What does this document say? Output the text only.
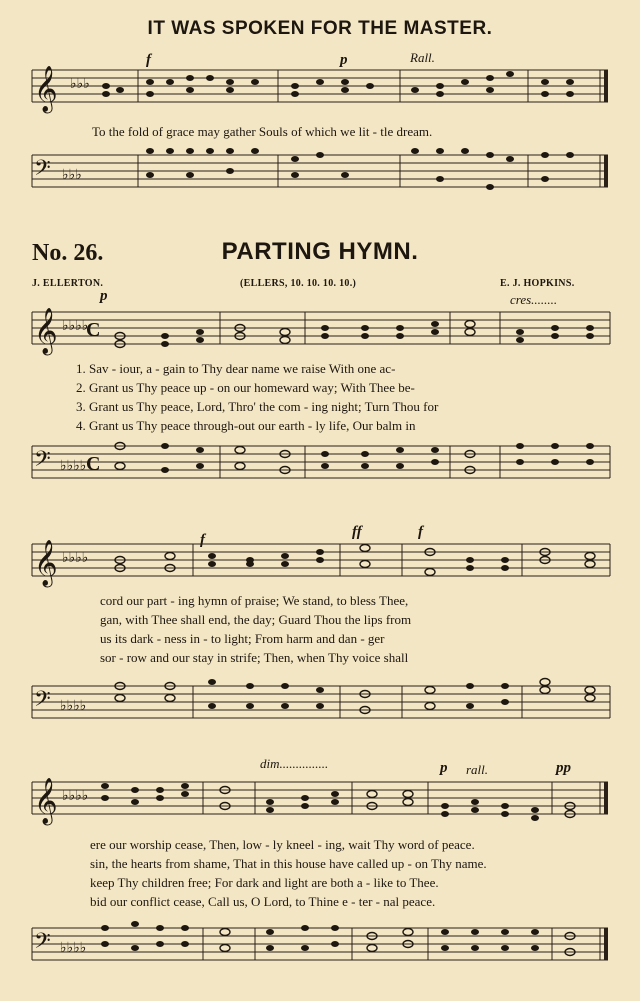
IT WAS SPOKEN FOR THE MASTER.
𝄞 ♭♭♭
f	p	Rall.
To the fold of grace may gather Souls of which we lit - tle dream.
𝄢 ♭♭♭
No. 26.	PARTING HYMN.
J. ELLERTON.	(ELLERS, 10. 10. 10. 10.)	E. J. HOPKINS.
p	cres........
𝄞 ♭♭♭♭
C
1. Sav - iour, a - gain to Thy dear name we raise With one ac-
2. Grant us Thy peace up - on our homeward way; With Thee be-
3. Grant us Thy peace, Lord, Thro' the com - ing night; Turn Thou for
4. Grant us Thy peace through-out our earth - ly life, Our balm in
𝄢 ♭♭♭♭ C
f	ff	f
𝄞 ♭♭♭♭
cord our part - ing hymn of praise; We stand, to bless Thee,
gan, with Thee shall end, the day; Guard Thou the lips from
us its dark - ness in - to light; From harm and dan - ger
sor - row and our stay in strife; Then, when Thy voice shall
𝄢 ♭♭♭♭
dim...............	p rall.	pp
𝄞 ♭♭♭♭
ere our worship cease, Then, low - ly kneel - ing, wait Thy word of peace.
sin, the hearts from shame, That in this house have called up - on Thy name.
keep Thy children free; For dark and light are both a - like to Thee.
bid our conflict cease, Call us, O Lord, to Thine e - ter - nal peace.
𝄢 ♭♭♭♭
